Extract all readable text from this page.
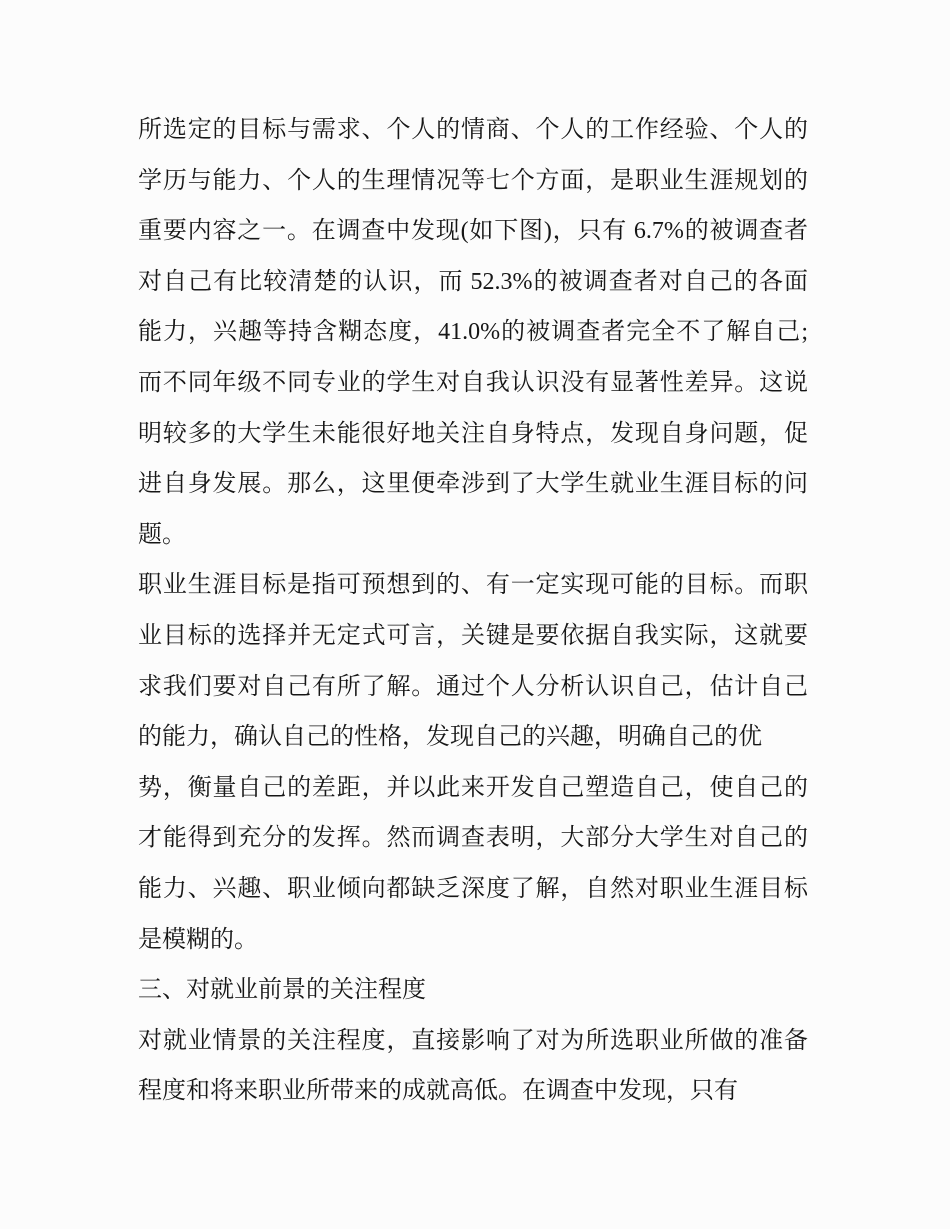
所选定的目标与需求、个人的情商、个人的工作经验、个人的
学历与能力、个人的生理情况等七个方面，是职业生涯规划的
重要内容之一。在调查中发现(如下图)，只有 6.7%的被调查者
对自己有比较清楚的认识，而 52.3%的被调查者对自己的各面
能力，兴趣等持含糊态度，41.0%的被调查者完全不了解自己;
而不同年级不同专业的学生对自我认识没有显著性差异。这说
明较多的大学生未能很好地关注自身特点，发现自身问题，促
进自身发展。那么，这里便牵涉到了大学生就业生涯目标的问
题。
职业生涯目标是指可预想到的、有一定实现可能的目标。而职
业目标的选择并无定式可言，关键是要依据自我实际，这就要
求我们要对自己有所了解。通过个人分析认识自己，估计自己
的能力，确认自己的性格，发现自己的兴趣，明确自己的优
势，衡量自己的差距，并以此来开发自己塑造自己，使自己的
才能得到充分的发挥。然而调查表明，大部分大学生对自己的
能力、兴趣、职业倾向都缺乏深度了解，自然对职业生涯目标
是模糊的。
三、对就业前景的关注程度
对就业情景的关注程度，直接影响了对为所选职业所做的准备
程度和将来职业所带来的成就高低。在调查中发现，只有
